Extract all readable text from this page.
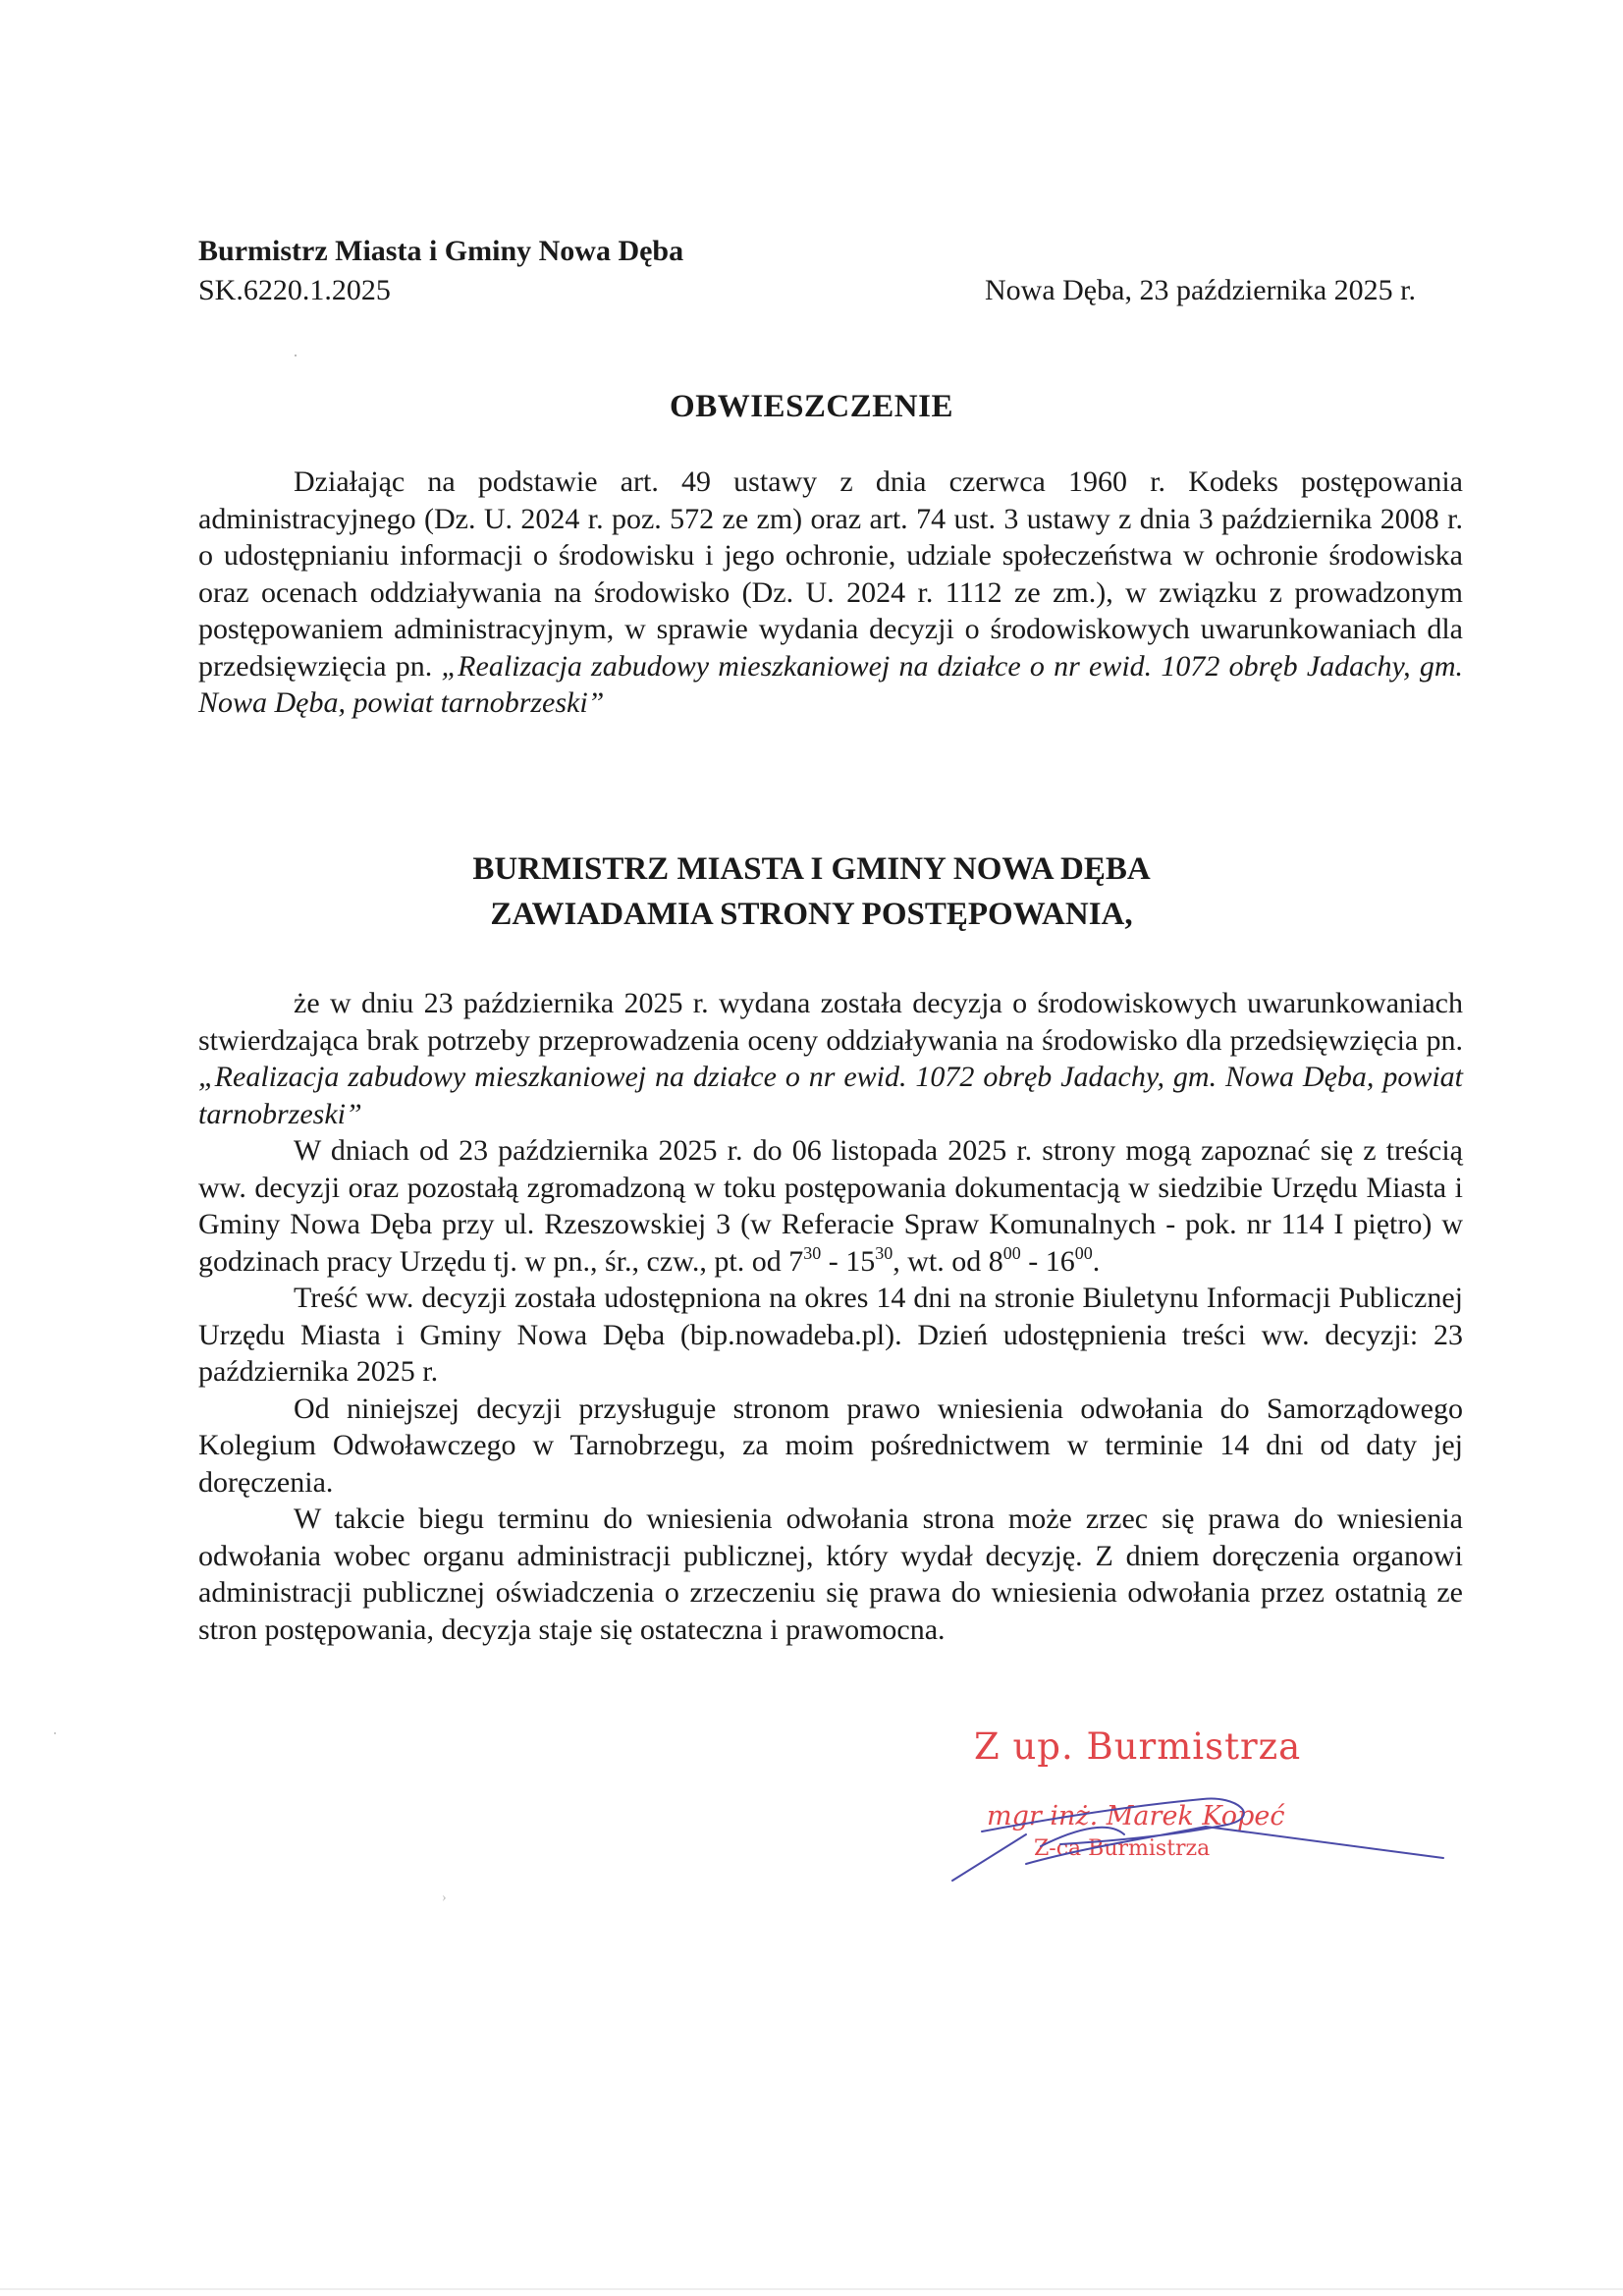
Burmistrz Miasta i Gminy Nowa Dęba
SK.6220.1.2025	Nowa Dęba, 23 października 2025 r.
OBWIESZCZENIE

Działając na podstawie art. 49 ustawy z dnia czerwca 1960 r. Kodeks postępowania administracyjnego (Dz. U. 2024 r. poz. 572 ze zm) oraz art. 74 ust. 3 ustawy z dnia 3 października 2008 r. o udostępnianiu informacji o środowisku i jego ochronie, udziale społeczeństwa w ochronie środowiska oraz ocenach oddziaływania na środowisko (Dz. U. 2024 r. 1112 ze zm.), w związku z prowadzonym postępowaniem administracyjnym, w sprawie wydania decyzji o środowiskowych uwarunkowaniach dla przedsięwzięcia pn. „Realizacja zabudowy mieszkaniowej na działce o nr ewid. 1072 obręb Jadachy, gm. Nowa Dęba, powiat tarnobrzeski”

BURMISTRZ MIASTA I GMINY NOWA DĘBA
ZAWIADAMIA STRONY POSTĘPOWANIA,

że w dniu 23 października 2025 r. wydana została decyzja o środowiskowych uwarunkowaniach stwierdzająca brak potrzeby przeprowadzenia oceny oddziaływania na środowisko dla przedsięwzięcia pn. „Realizacja zabudowy mieszkaniowej na działce o nr ewid. 1072 obręb Jadachy, gm. Nowa Dęba, powiat tarnobrzeski”

W dniach od 23 października 2025 r. do 06 listopada 2025 r. strony mogą zapoznać się z treścią ww. decyzji oraz pozostałą zgromadzoną w toku postępowania dokumentacją w siedzibie Urzędu Miasta i Gminy Nowa Dęba przy ul. Rzeszowskiej 3 (w Referacie Spraw Komunalnych - pok. nr 114 I piętro) w godzinach pracy Urzędu tj. w pn., śr., czw., pt. od $7^{30} - 15^{30}$, wt. od $8^{00} - 16^{00}$.

Treść ww. decyzji została udostępniona na okres 14 dni na stronie Biuletynu Informacji Publicznej Urzędu Miasta i Gminy Nowa Dęba (bip.nowadeba.pl). Dzień udostępnienia treści ww. decyzji: 23 października 2025 r.

Od niniejszej decyzji przysługuje stronom prawo wniesienia odwołania do Samorządowego Kolegium Odwoławczego w Tarnobrzegu, za moim pośrednictwem w terminie 14 dni od daty jej doręczenia.

W takcie biegu terminu do wniesienia odwołania strona może zrzec się prawa do wniesienia odwołania wobec organu administracji publicznej, który wydał decyzję. Z dniem doręczenia organowi administracji publicznej oświadczenia o zrzeczeniu się prawa do wniesienia odwołania przez ostatnią ze stron postępowania, decyzja staje się ostateczna i prawomocna.

Z up. Burmistrza
mgr inż. Marek Kopeć
Z-ca Burmistrza
›
